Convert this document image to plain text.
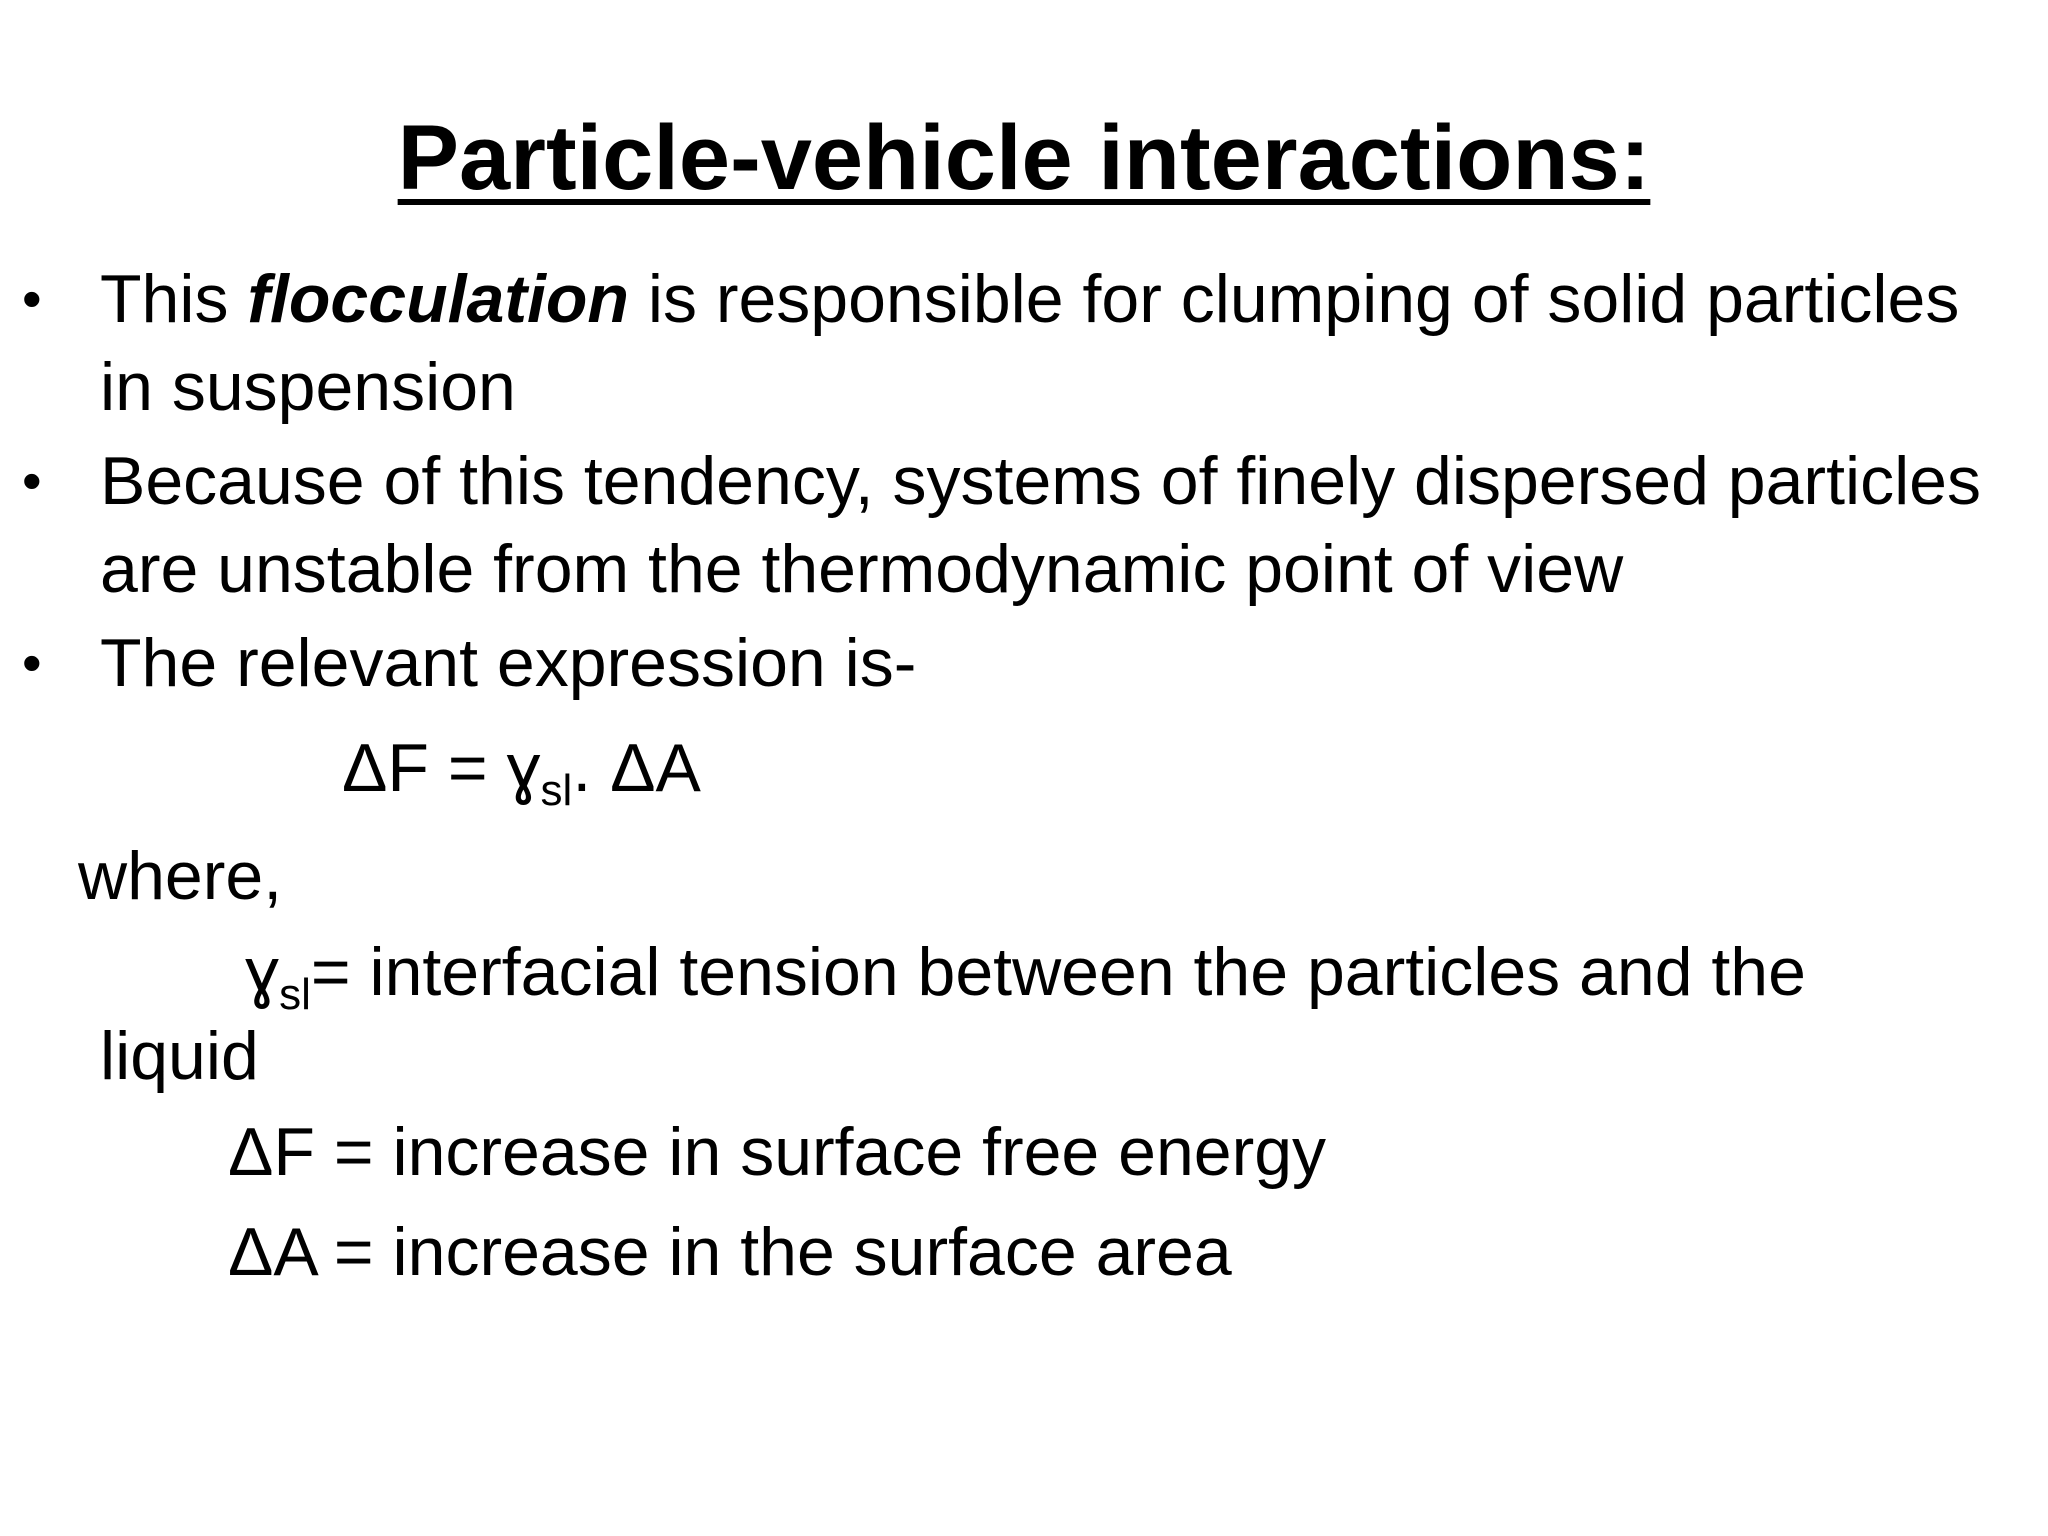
Particle-vehicle interactions:
• This flocculation is responsible for clumping of solid particles in suspension
• Because of this tendency, systems of finely dispersed particles are unstable from the thermodynamic point of view
• The relevant expression is-
ΔF = ɣ$_{sl}$. ΔA
where,
ɣ$_{sl}$= interfacial tension between the particles and the
liquid
ΔF = increase in surface free energy
ΔA = increase in the surface area
